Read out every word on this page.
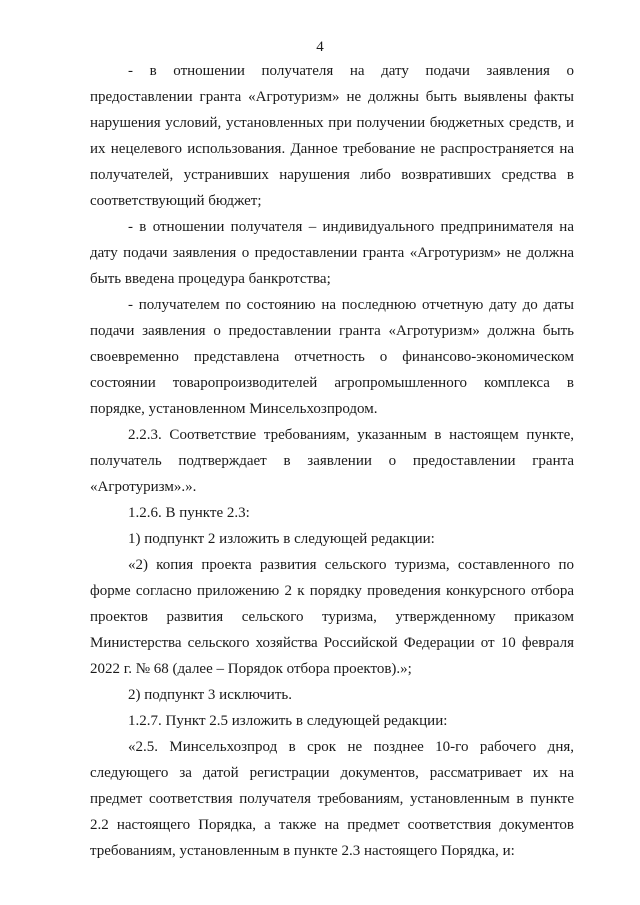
4

- в отношении получателя на дату подачи заявления о предоставлении гранта «Агротуризм» не должны быть выявлены факты нарушения условий, установленных при получении бюджетных средств, и их нецелевого использования. Данное требование не распространяется на получателей, устранивших нарушения либо возвративших средства в соответствующий бюджет;

- в отношении получателя – индивидуального предпринимателя на дату подачи заявления о предоставлении гранта «Агротуризм» не должна быть введена процедура банкротства;

- получателем по состоянию на последнюю отчетную дату до даты подачи заявления о предоставлении гранта «Агротуризм» должна быть своевременно представлена отчетность о финансово-экономическом состоянии товаропроизводителей агропромышленного комплекса в порядке, установленном Минсельхозпродом.

2.2.3. Соответствие требованиям, указанным в настоящем пункте, получатель подтверждает в заявлении о предоставлении гранта «Агротуризм».».

1.2.6. В пункте 2.3:

1) подпункт 2 изложить в следующей редакции:

«2) копия проекта развития сельского туризма, составленного по форме согласно приложению 2 к порядку проведения конкурсного отбора проектов развития сельского туризма, утвержденному приказом Министерства сельского хозяйства Российской Федерации от 10 февраля 2022 г. № 68 (далее – Порядок отбора проектов).»;

2) подпункт 3 исключить.

1.2.7. Пункт 2.5 изложить в следующей редакции:

«2.5. Минсельхозпрод в срок не позднее 10-го рабочего дня, следующего за датой регистрации документов, рассматривает их на предмет соответствия получателя требованиям, установленным в пункте 2.2 настоящего Порядка, а также на предмет соответствия документов требованиям, установленным в пункте 2.3 настоящего Порядка, и:
